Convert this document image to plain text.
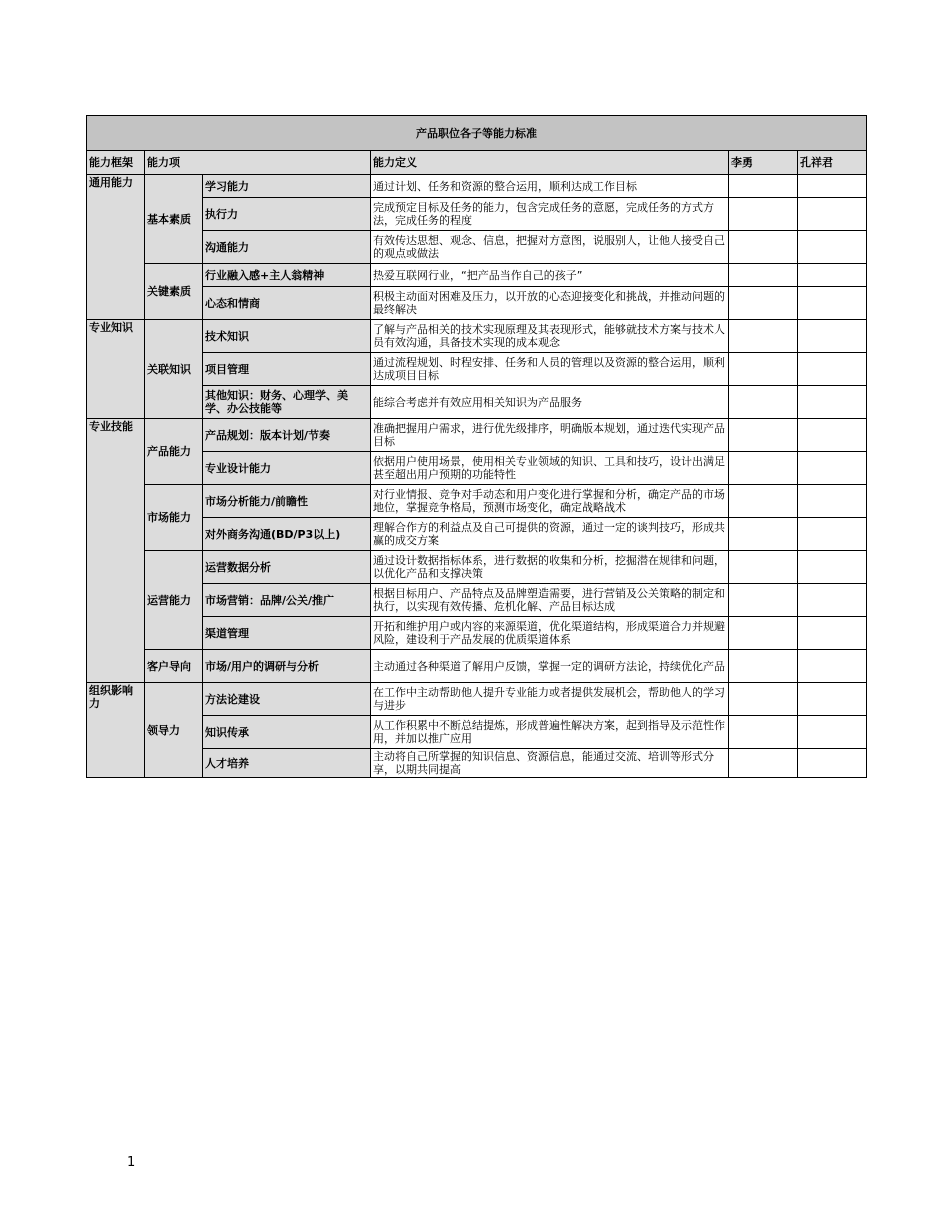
产品职位各子等能力标准					
能力框架	能力项		能力定义	李勇	孔祥君
通用能力	基本素质	学习能力	通过计划、任务和资源的整合运用，顺利达成工作目标		
		执行力	完成预定目标及任务的能力，包含完成任务的意愿，完成任务的方式方法，完成任务的程度		
		沟通能力	有效传达思想、观念、信息，把握对方意图，说服别人，让他人接受自己的观点或做法		
	关键素质	行业融入感+主人翁精神	热爱互联网行业，“把产品当作自己的孩子”		
		心态和情商	积极主动面对困难及压力，以开放的心态迎接变化和挑战，并推动问题的最终解决		
专业知识	关联知识	技术知识	了解与产品相关的技术实现原理及其表现形式，能够就技术方案与技术人员有效沟通，具备技术实现的成本观念		
		项目管理	通过流程规划、时程安排、任务和人员的管理以及资源的整合运用，顺利达成项目目标		
		其他知识：财务、心理学、美学、办公技能等	能综合考虑并有效应用相关知识为产品服务		
专业技能	产品能力	产品规划：版本计划/节奏	准确把握用户需求，进行优先级排序，明确版本规划，通过迭代实现产品目标		
		专业设计能力	依据用户使用场景，使用相关专业领域的知识、工具和技巧，设计出满足甚至超出用户预期的功能特性		
	市场能力	市场分析能力/前瞻性	对行业情报、竞争对手动态和用户变化进行掌握和分析，确定产品的市场地位，掌握竞争格局，预测市场变化，确定战略战术		
		对外商务沟通(BD/P3以上)	理解合作方的利益点及自己可提供的资源，通过一定的谈判技巧，形成共赢的成交方案		
	运营能力	运营数据分析	通过设计数据指标体系，进行数据的收集和分析，挖掘潜在规律和问题，以优化产品和支撑决策		
		市场营销：品牌/公关/推广	根据目标用户、产品特点及品牌塑造需要，进行营销及公关策略的制定和执行，以实现有效传播、危机化解、产品目标达成		
		渠道管理	开拓和维护用户或内容的来源渠道，优化渠道结构，形成渠道合力并规避风险，建设利于产品发展的优质渠道体系		
	客户导向	市场/用户的调研与分析	主动通过各种渠道了解用户反馈，掌握一定的调研方法论，持续优化产品		
组织影响力	领导力	方法论建设	在工作中主动帮助他人提升专业能力或者提供发展机会，帮助他人的学习与进步		
		知识传承	从工作积累中不断总结提炼，形成普遍性解决方案，起到指导及示范性作用，并加以推广应用		
		人才培养	主动将自己所掌握的知识信息、资源信息，能通过交流、培训等形式分享，以期共同提高		
1
